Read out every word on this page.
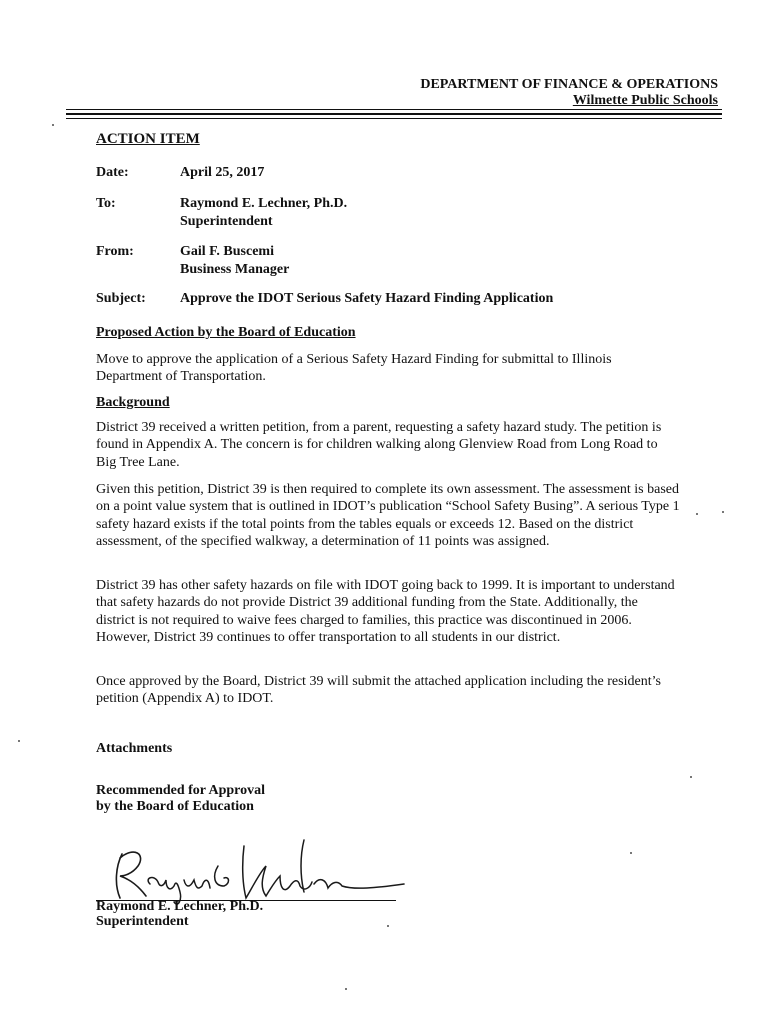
DEPARTMENT OF FINANCE & OPERATIONS
Wilmette Public Schools
ACTION ITEM
Date:	April 25, 2017
To:	Raymond E. Lechner, Ph.D.
Superintendent
From:	Gail F. Buscemi
Business Manager
Subject:	Approve the IDOT Serious Safety Hazard Finding Application
Proposed Action by the Board of Education
Move to approve the application of a Serious Safety Hazard Finding for submittal to Illinois Department of Transportation.
Background
District 39 received a written petition, from a parent, requesting a safety hazard study. The petition is found in Appendix A. The concern is for children walking along Glenview Road from Long Road to Big Tree Lane.
Given this petition, District 39 is then required to complete its own assessment. The assessment is based on a point value system that is outlined in IDOT’s publication “School Safety Busing”. A serious Type 1 safety hazard exists if the total points from the tables equals or exceeds 12. Based on the district assessment, of the specified walkway, a determination of 11 points was assigned.
District 39 has other safety hazards on file with IDOT going back to 1999. It is important to understand that safety hazards do not provide District 39 additional funding from the State. Additionally, the district is not required to waive fees charged to families, this practice was discontinued in 2006. However, District 39 continues to offer transportation to all students in our district.
Once approved by the Board, District 39 will submit the attached application including the resident’s petition (Appendix A) to IDOT.
Attachments
Recommended for Approval
by the Board of Education
Raymond E. Lechner, Ph.D.
Superintendent
